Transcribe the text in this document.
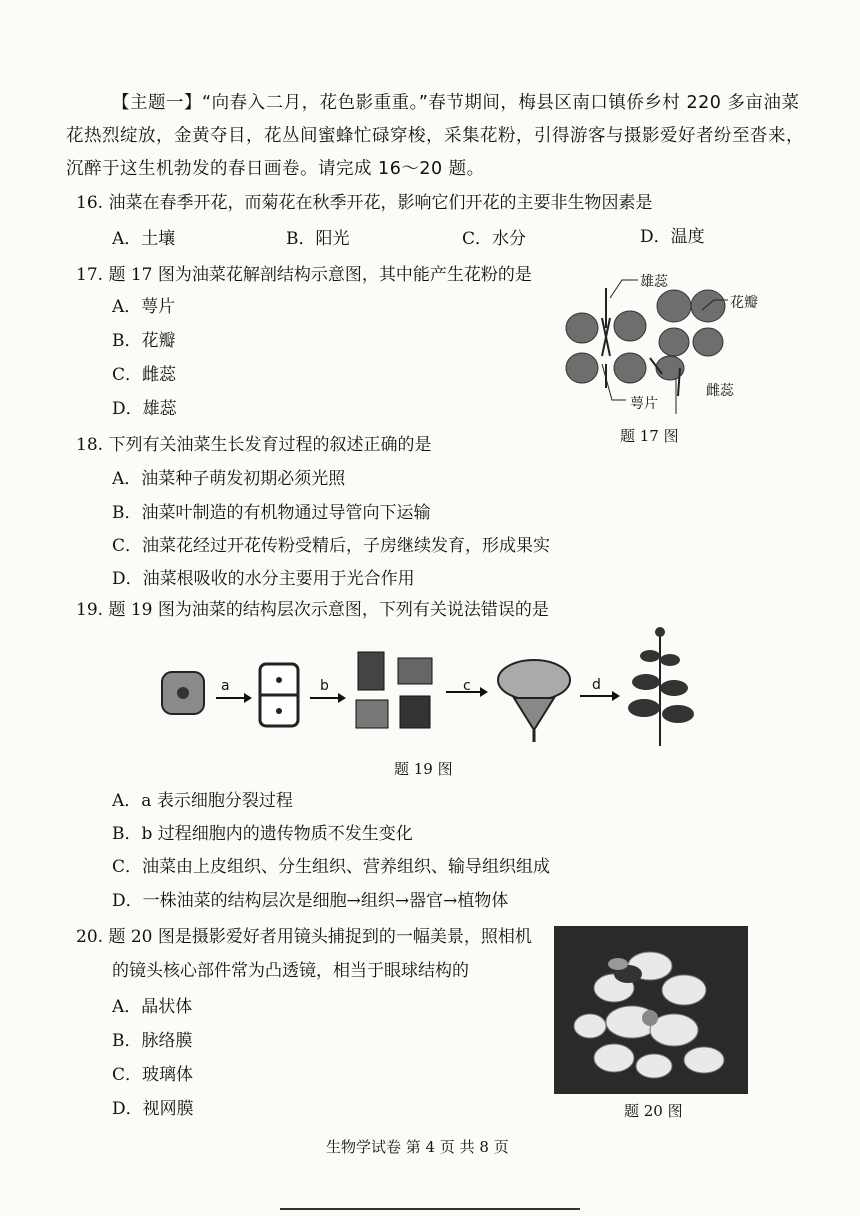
【主题一】“向春入二月，花色影重重。”春节期间，梅县区南口镇侨乡村 220 多亩油菜
花热烈绽放，金黄夺目，花丛间蜜蜂忙碌穿梭，采集花粉，引得游客与摄影爱好者纷至沓来，
沉醉于这生机勃发的春日画卷。请完成 16～20 题。
16. 油菜在春季开花，而菊花在秋季开花，影响它们开花的主要非生物因素是
A．土壤	B．阳光	C．水分	D．温度
17. 题 17 图为油菜花解剖结构示意图，其中能产生花粉的是
A．萼片
B．花瓣
C．雌蕊
D．雄蕊
雄蕊
花瓣
雌蕊
萼片
题 17 图
18. 下列有关油菜生长发育过程的叙述正确的是
A．油菜种子萌发初期必须光照
B．油菜叶制造的有机物通过导管向下运输
C．油菜花经过开花传粉受精后，子房继续发育，形成果实
D．油菜根吸收的水分主要用于光合作用
19. 题 19 图为油菜的结构层次示意图，下列有关说法错误的是
a	b	c	d
题 19 图
A．a 表示细胞分裂过程
B．b 过程细胞内的遗传物质不发生变化
C．油菜由上皮组织、分生组织、营养组织、输导组织组成
D．一株油菜的结构层次是细胞→组织→器官→植物体
20. 题 20 图是摄影爱好者用镜头捕捉到的一幅美景，照相机
的镜头核心部件常为凸透镜，相当于眼球结构的
A．晶状体
B．脉络膜
C．玻璃体
D．视网膜	题 20 图
生物学试卷 第 4 页 共 8 页
